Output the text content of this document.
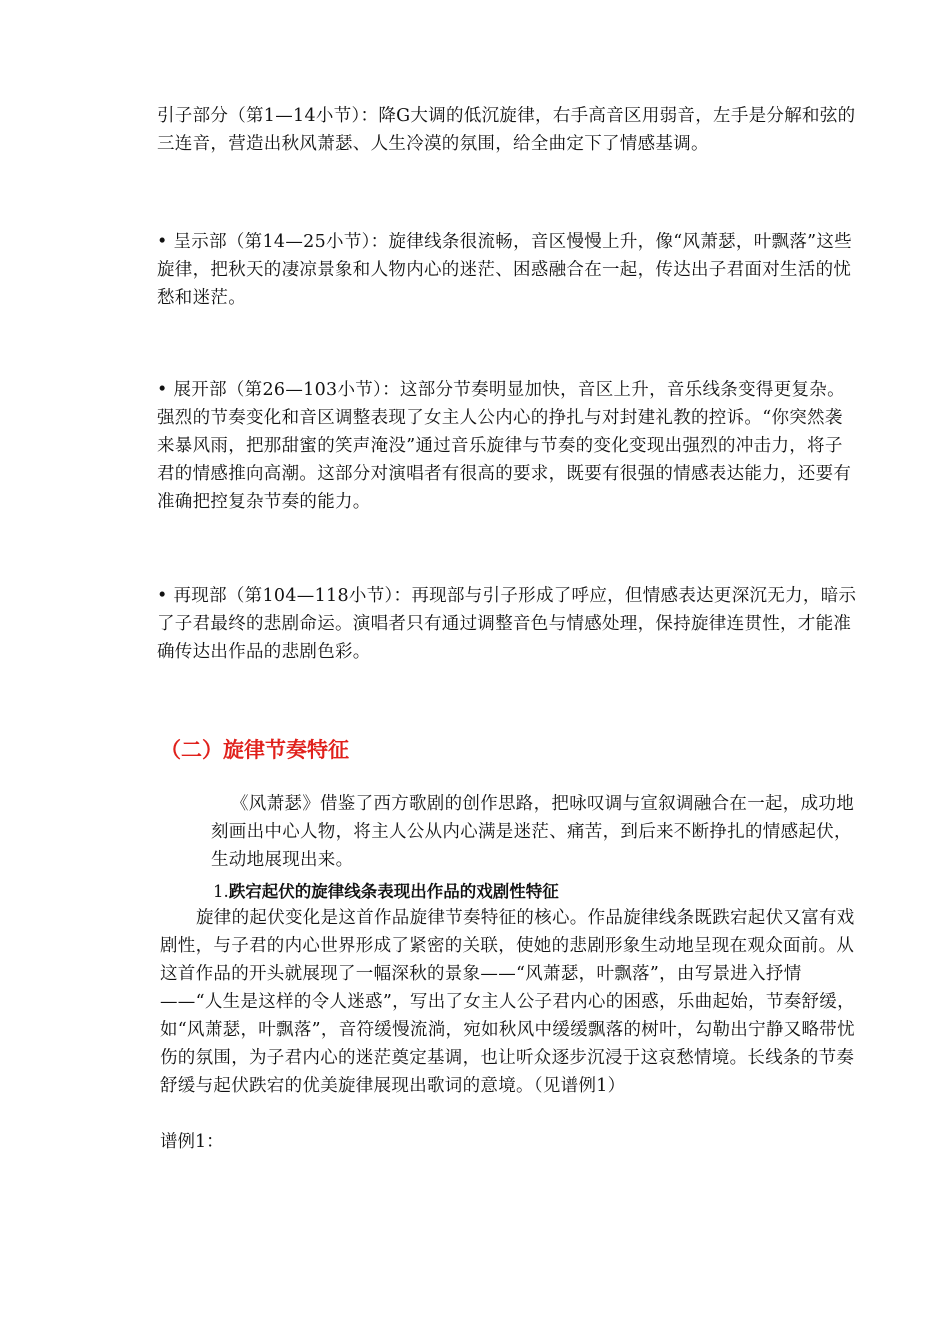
引子部分（第1—14小节）：降G大调的低沉旋律，右手高音区用弱音，左手是分解和弦的三连音，营造出秋风萧瑟、人生冷漠的氛围，给全曲定下了情感基调。

• 呈示部（第14—25小节）：旋律线条很流畅，音区慢慢上升，像“风萧瑟，叶飘落”这些旋律，把秋天的凄凉景象和人物内心的迷茫、困惑融合在一起，传达出子君面对生活的忧愁和迷茫。

• 展开部（第26—103小节）：这部分节奏明显加快，音区上升，音乐线条变得更复杂。强烈的节奏变化和音区调整表现了女主人公内心的挣扎与对封建礼教的控诉。“你突然袭来暴风雨，把那甜蜜的笑声淹没”通过音乐旋律与节奏的变化变现出强烈的冲击力，将子君的情感推向高潮。这部分对演唱者有很高的要求，既要有很强的情感表达能力，还要有准确把控复杂节奏的能力。

• 再现部（第104—118小节）：再现部与引子形成了呼应，但情感表达更深沉无力，暗示了子君最终的悲剧命运。演唱者只有通过调整音色与情感处理，保持旋律连贯性，才能准确传达出作品的悲剧色彩。

（二）旋律节奏特征

《风萧瑟》借鉴了西方歌剧的创作思路，把咏叹调与宣叙调融合在一起，成功地刻画出中心人物，将主人公从内心满是迷茫、痛苦，到后来不断挣扎的情感起伏，生动地展现出来。

1.跌宕起伏的旋律线条表现出作品的戏剧性特征

旋律的起伏变化是这首作品旋律节奏特征的核心。作品旋律线条既跌宕起伏又富有戏剧性，与子君的内心世界形成了紧密的关联，使她的悲剧形象生动地呈现在观众面前。从这首作品的开头就展现了一幅深秋的景象——“风萧瑟，叶飘落”，由写景进入抒情——“人生是这样的令人迷惑”，写出了女主人公子君内心的困惑，乐曲起始，节奏舒缓，如“风萧瑟，叶飘落”，音符缓慢流淌，宛如秋风中缓缓飘落的树叶，勾勒出宁静又略带忧伤的氛围，为子君内心的迷茫奠定基调，也让听众逐步沉浸于这哀愁情境。长线条的节奏舒缓与起伏跌宕的优美旋律展现出歌词的意境。（见谱例1）

谱例1：
